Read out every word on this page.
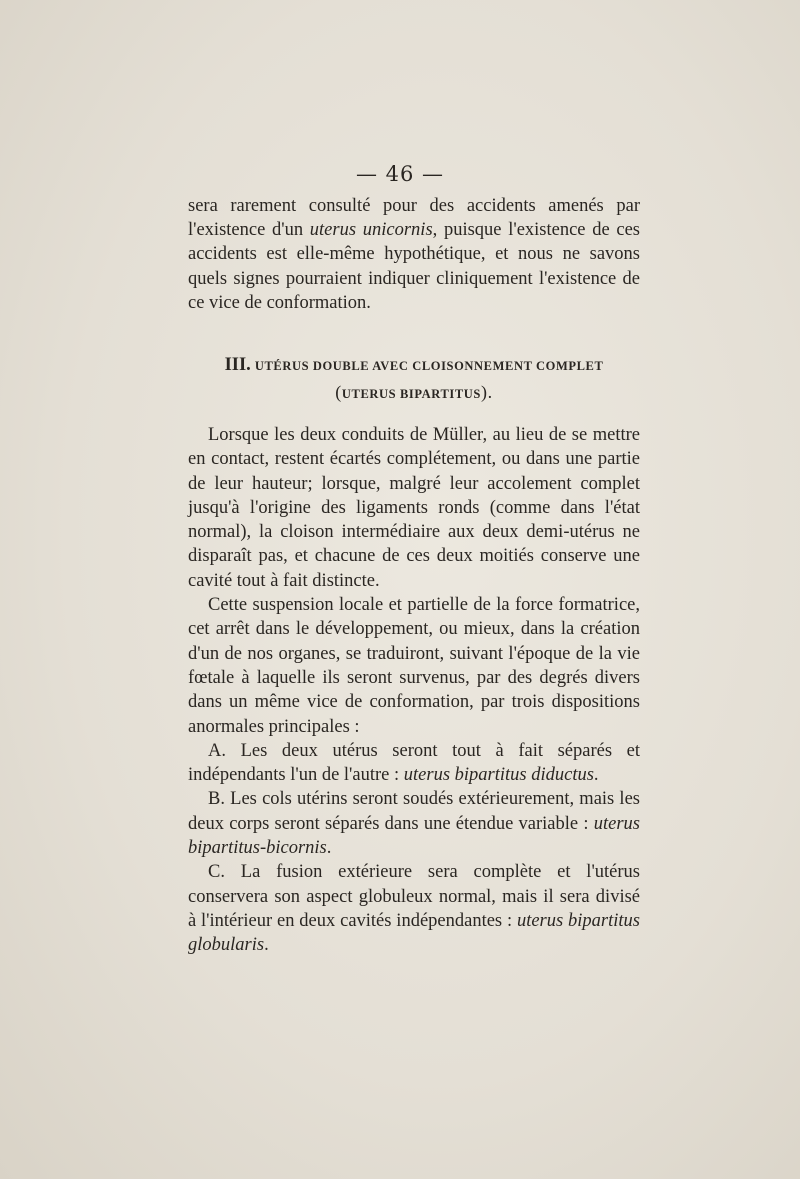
— 46 —

sera rarement consulté pour des accidents amenés par l'existence d'un uterus unicornis, puisque l'existence de ces accidents est elle-même hypothétique, et nous ne savons quels signes pourraient indiquer cliniquement l'existence de ce vice de conformation.

III. UTÉRUS DOUBLE AVEC CLOISONNEMENT COMPLET
(UTERUS BIPARTITUS).

Lorsque les deux conduits de Müller, au lieu de se mettre en contact, restent écartés complétement, ou dans une partie de leur hauteur; lorsque, malgré leur accolement complet jusqu'à l'origine des ligaments ronds (comme dans l'état normal), la cloison intermédiaire aux deux demi-utérus ne disparaît pas, et chacune de ces deux moitiés conserve une cavité tout à fait distincte.

Cette suspension locale et partielle de la force formatrice, cet arrêt dans le développement, ou mieux, dans la création d'un de nos organes, se traduiront, suivant l'époque de la vie fœtale à laquelle ils seront survenus, par des degrés divers dans un même vice de conformation, par trois dispositions anormales principales :

A. Les deux utérus seront tout à fait séparés et indépendants l'un de l'autre : uterus bipartitus diductus.

B. Les cols utérins seront soudés extérieurement, mais les deux corps seront séparés dans une étendue variable : uterus bipartitus-bicornis.

C. La fusion extérieure sera complète et l'utérus conservera son aspect globuleux normal, mais il sera divisé à l'intérieur en deux cavités indépendantes : uterus bipartitus globularis.
